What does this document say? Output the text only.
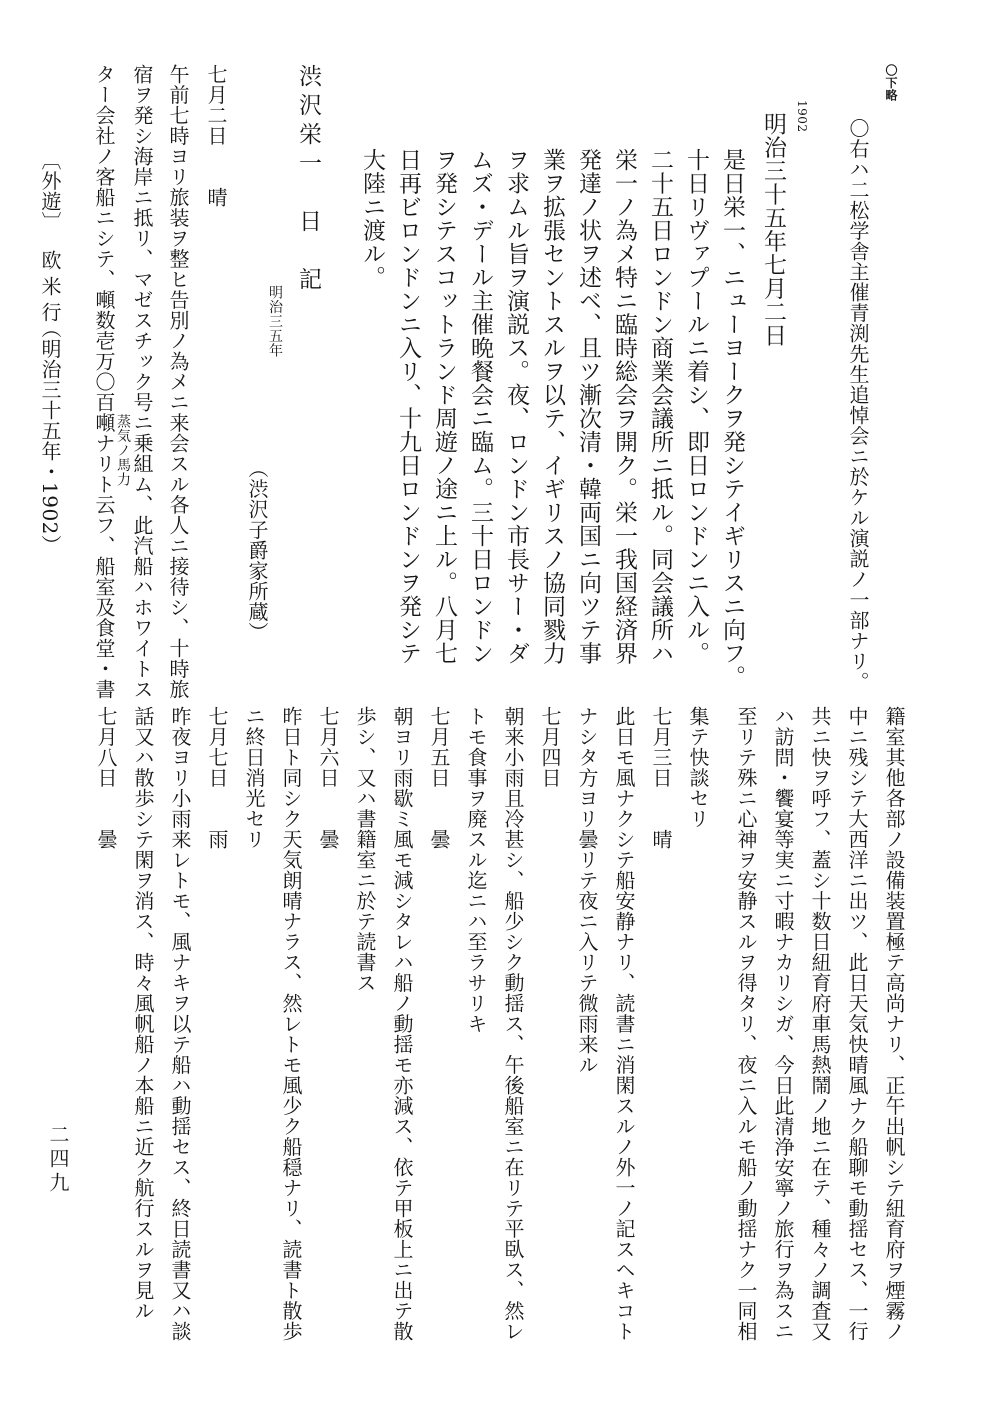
〇下略
〇右ハ二松学舎主催青渕先生追悼会ニ於ケル演説ノ一部ナリ。
1902
明治三十五年七月二日
是日栄一、ニューヨークヲ発シテイギリスニ向フ。
十日リヴァプールニ着シ、即日ロンドンニ入ル。
二十五日ロンドン商業会議所ニ抵ル。同会議所ハ
栄一ノ為メ特ニ臨時総会ヲ開ク。栄一我国経済界
発達ノ状ヲ述ベ、且ツ漸次清・韓両国ニ向ツテ事
業ヲ拡張セントスルヲ以テ、イギリスノ協同戮力
ヲ求ムル旨ヲ演説ス。夜、ロンドン市長サー・ダ
ムズ・デール主催晩餐会ニ臨ム。三十日ロンドン
ヲ発シテスコットランド周遊ノ途ニ上ル。八月七
日再ビロンドンニ入リ、十九日ロンドンヲ発シテ
大陸ニ渡ル。
渋沢栄一　日　記
明治三五年
（渋沢子爵家所蔵）
七月二日　　晴
午前七時ヨリ旅装ヲ整ヒ告別ノ為メニ来会スル各人ニ接待シ、十時旅
宿ヲ発シ海岸ニ抵リ、マゼスチック号ニ乗組ム、此汽船ハホワイトス
蒸気ノ馬力
ター会社ノ客船ニシテ、噸数壱万〇百噸ナリト云フ、船室及食堂・書
〔外遊〕
欧米行
（明治三十五年・1902）
籍室其他各部ノ設備装置極テ高尚ナリ、正午出帆シテ紐育府ヲ煙霧ノ
中ニ残シテ大西洋ニ出ツ、此日天気快晴風ナク船聊モ動揺セス、一行
共ニ快ヲ呼フ、蓋シ十数日紐育府車馬熱鬧ノ地ニ在テ、種々ノ調査又
ハ訪問・饗宴等実ニ寸暇ナカリシガ、今日此清浄安寧ノ旅行ヲ為スニ
至リテ殊ニ心神ヲ安静スルヲ得タリ、夜ニ入ルモ船ノ動揺ナク一同相
集テ快談セリ
七月三日　　晴
此日モ風ナクシテ船安静ナリ、読書ニ消閑スルノ外一ノ記スヘキコト
ナシタ方ヨリ曇リテ夜ニ入リテ微雨来ル
七月四日
朝来小雨且冷甚シ、船少シク動揺ス、午後船室ニ在リテ平臥ス、然レ
トモ食事ヲ廃スル迄ニハ至ラサリキ
七月五日　　曇
朝ヨリ雨歇ミ風モ減シタレハ船ノ動揺モ亦減ス、依テ甲板上ニ出テ散
歩シ、又ハ書籍室ニ於テ読書ス
七月六日　　曇
昨日ト同シク天気朗晴ナラス、然レトモ風少ク船穏ナリ、読書ト散歩
ニ終日消光セリ
七月七日　　雨
昨夜ヨリ小雨来レトモ、風ナキヲ以テ船ハ動揺セス、終日読書又ハ談
話又ハ散歩シテ閑ヲ消ス、時々風帆船ノ本船ニ近ク航行スルヲ見ル
七月八日　　曇
二四九
